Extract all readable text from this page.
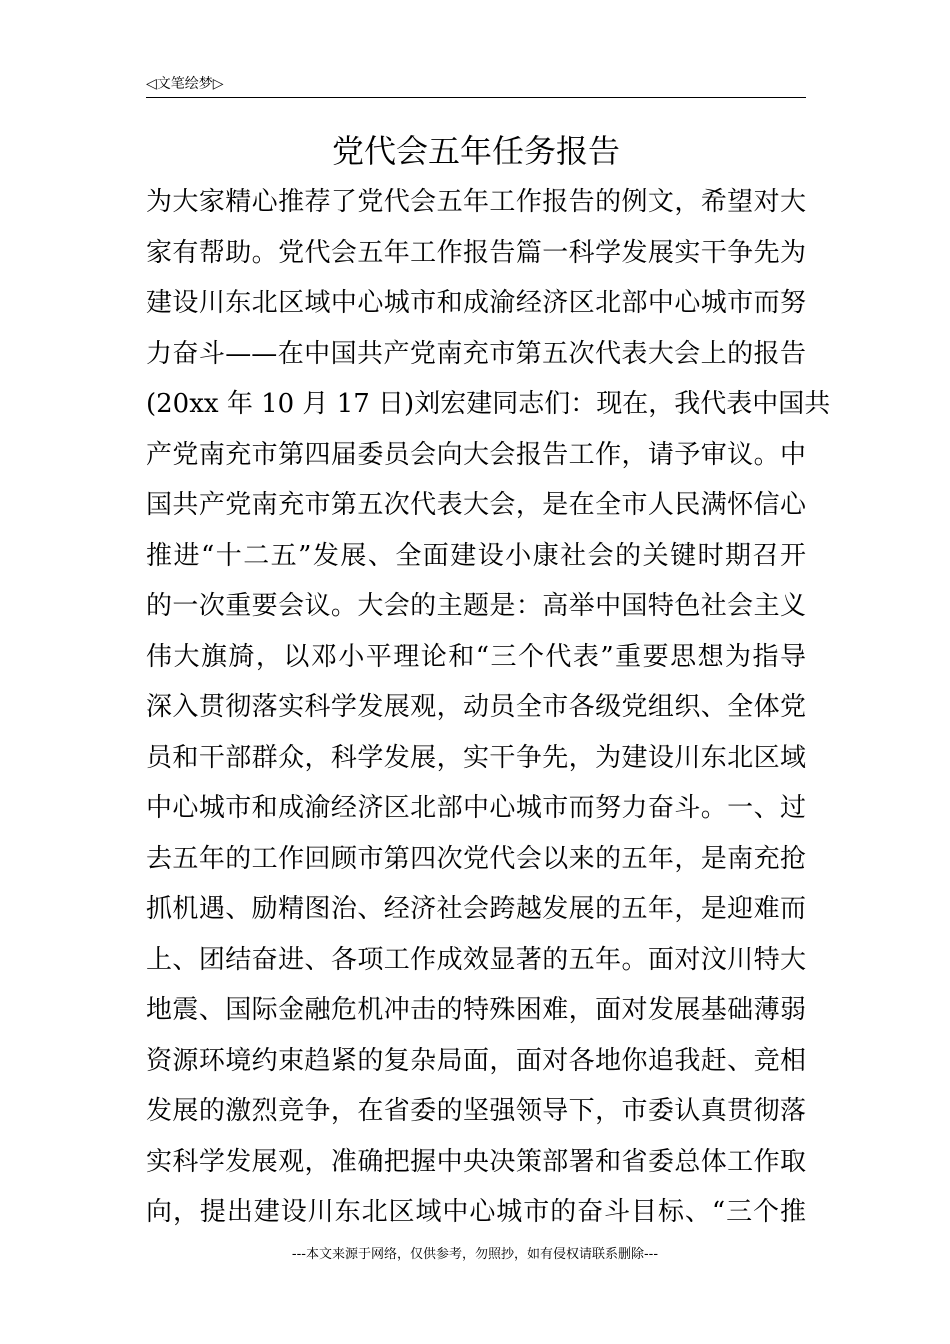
◁文笔绘梦▷
党代会五年任务报告
为大家精心推荐了党代会五年工作报告的例文，希望对大
家有帮助。党代会五年工作报告篇一科学发展实干争先为
建设川东北区域中心城市和成渝经济区北部中心城市而努
力奋斗——在中国共产党南充市第五次代表大会上的报告
(20xx 年 10 月 17 日)刘宏建同志们：现在，我代表中国共
产党南充市第四届委员会向大会报告工作，请予审议。中
国共产党南充市第五次代表大会，是在全市人民满怀信心
推进“十二五”发展、全面建设小康社会的关键时期召开
的一次重要会议。大会的主题是：高举中国特色社会主义
伟大旗旑，以邓小平理论和“三个代表”重要思想为指导
深入贯彻落实科学发展观，动员全市各级党组织、全体党
员和干部群众，科学发展，实干争先，为建设川东北区域
中心城市和成渝经济区北部中心城市而努力奋斗。一、过
去五年的工作回顾市第四次党代会以来的五年，是南充抢
抓机遇、励精图治、经济社会跨越发展的五年，是迎难而
上、团结奋进、各项工作成效显著的五年。面对汶川特大
地震、国际金融危机冲击的特殊困难，面对发展基础薄弱
资源环境约束趋紧的复杂局面，面对各地你追我赶、竞相
发展的激烈竞争，在省委的坚强领导下，市委认真贯彻落
实科学发展观，准确把握中央决策部署和省委总体工作取
向，提出建设川东北区域中心城市的奋斗目标、“三个推
---本文来源于网络，仅供参考，勿照抄，如有侵权请联系删除---
